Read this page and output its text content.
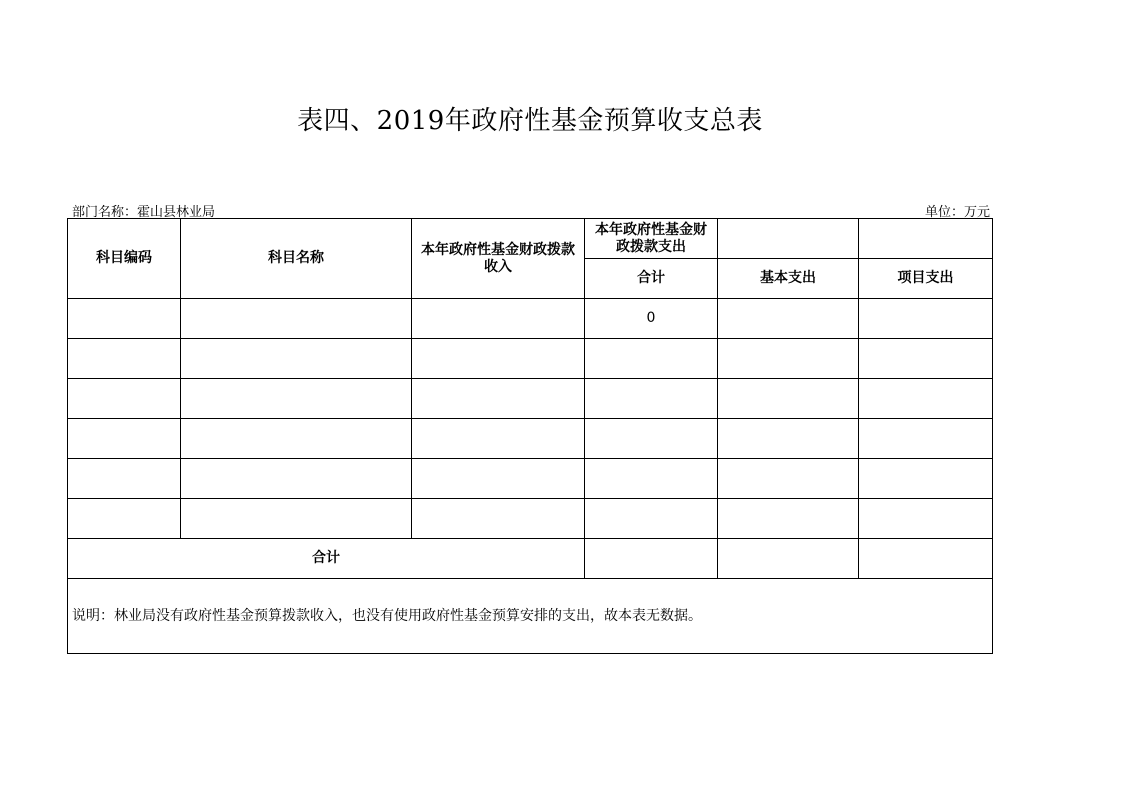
表四、2019年政府性基金预算收支总表
部门名称：霍山县林业局	单位：万元
科目编码	科目名称	本年政府性基金财政拨款收入	本年政府性基金财政拨款支出		

			合计	基本支出	项目支出
			0		

合计					
说明：林业局没有政府性基金预算拨款收入，也没有使用政府性基金预算安排的支出，故本表无数据。					
